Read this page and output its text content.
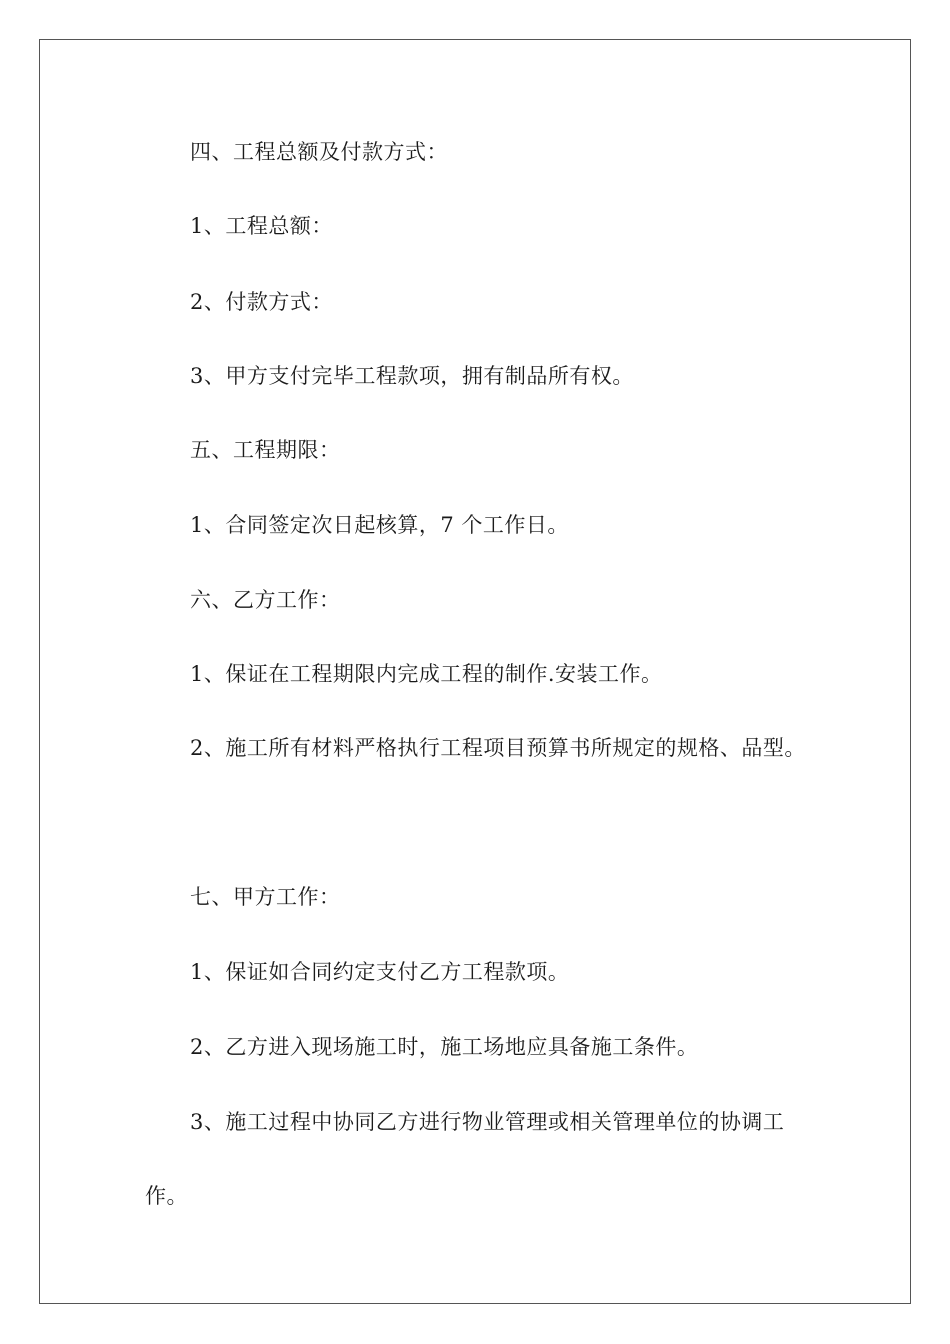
四、工程总额及付款方式：
1、工程总额：
2、付款方式：
3、甲方支付完毕工程款项，拥有制品所有权。
五、工程期限：
1、合同签定次日起核算，7 个工作日。
六、乙方工作：
1、保证在工程期限内完成工程的制作.安装工作。
2、施工所有材料严格执行工程项目预算书所规定的规格、品型。
七、甲方工作：
1、保证如合同约定支付乙方工程款项。
2、乙方进入现场施工时，施工场地应具备施工条件。
3、施工过程中协同乙方进行物业管理或相关管理单位的协调工
作。
